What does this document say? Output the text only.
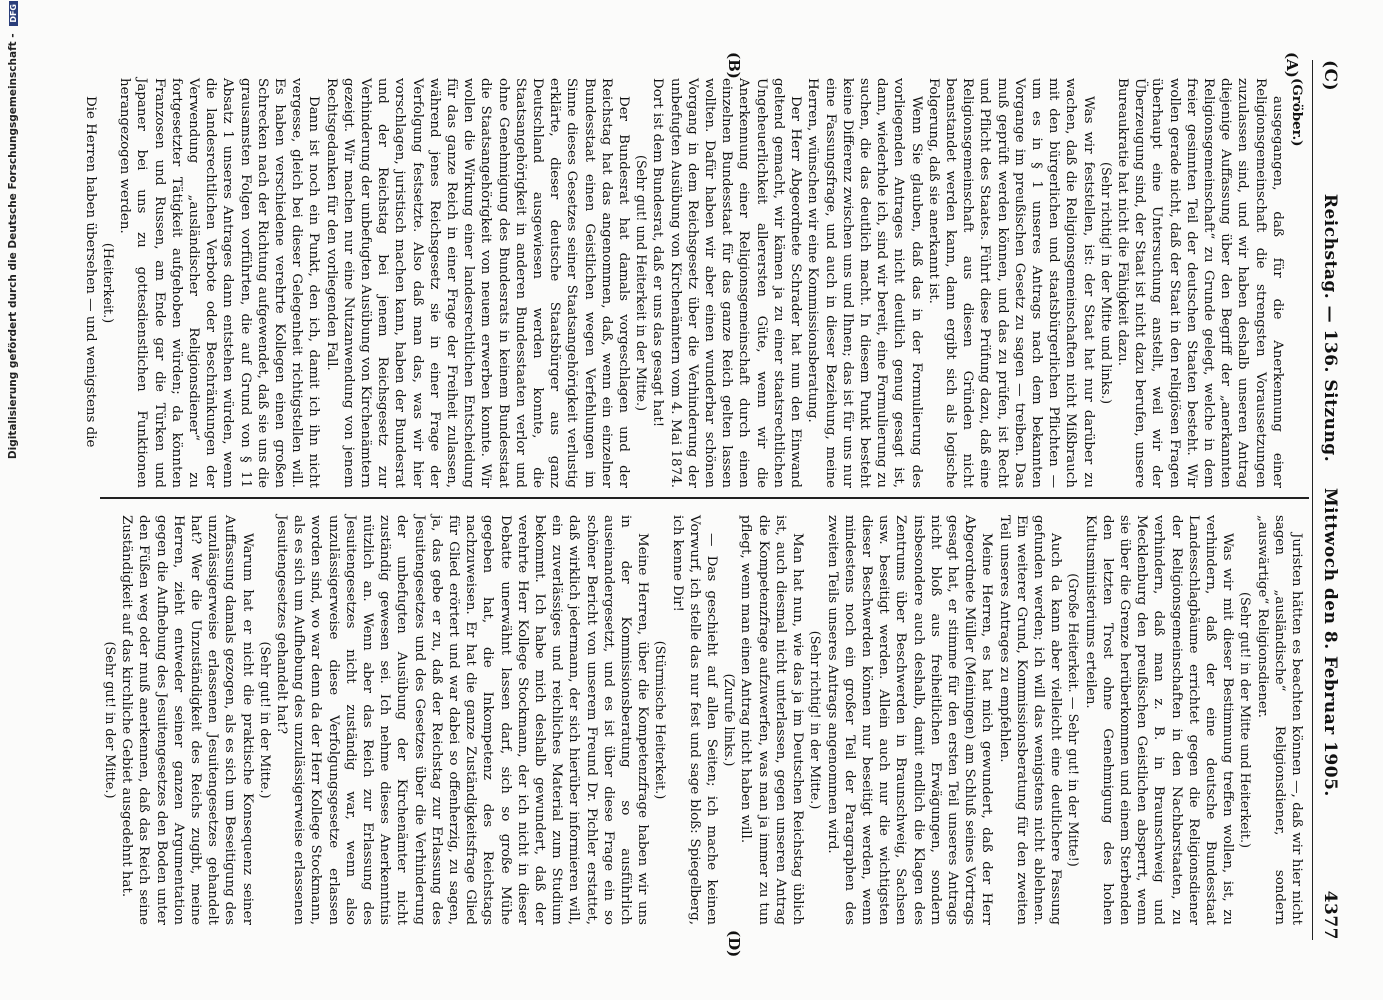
(C)
Reichstag. — 136. Sitzung.    Mittwoch den 8. Februar 1905.
4377
(A)
(B)
(D)

(Gröber.)

ausgegangen, daß für die Anerkennung einer Religionsgemeinschaft die strengsten Voraussetzungen zuzulassen sind, und wir haben deshalb unseren Antrag diejenige Auffassung über den Begriff der „anerkannten Religionsgemeinschaft“ zu Grunde gelegt, welche in dem freier gesinnten Teil der deutschen Staaten besteht. Wir wollen gerade nicht, daß der Staat in den religiösen Fragen überhaupt eine Untersuchung anstellt, weil wir der Überzeugung sind, der Staat ist nicht dazu berufen, unsere Bureaukratie hat nicht die Fähigkeit dazu.

(Sehr richtig! in der Mitte und links.)

Was wir feststellen, ist: der Staat hat nur darüber zu wachen, daß die Religionsgemeinschaften nicht Mißbrauch mit den bürgerlichen und staatsbürgerlichen Pflichten — um es in § 1 unseres Antrags nach dem bekannten Vorgange im preußischen Gesetz zu sagen — treiben. Das muß geprüft werden können, und das zu prüfen, ist Recht und Pflicht des Staates. Führt diese Prüfung dazu, daß eine Religionsgemeinschaft aus diesen Gründen nicht beanstandet werden kann, dann ergibt sich als logische Folgerung, daß sie anerkannt ist.

Wenn Sie glauben, daß das in der Formulierung des vorliegenden Antrages nicht deutlich genug gesagt ist, dann, wiederhole ich, sind wir bereit, eine Formulierung zu suchen, die das deutlich macht. In diesem Punkt besteht keine Differenz zwischen uns und Ihnen; das ist für uns nur eine Fassungsfrage, und auch in dieser Beziehung, meine Herren, wünschen wir eine Kommissionsberatung.

Der Herr Abgeordnete Schrader hat nun den Einwand geltend gemacht, wir kämen ja zu einer staatsrechtlichen Ungeheuerlichkeit allerersten Güte, wenn wir die Anerkennung einer Religionsgemeinschaft durch einen einzelnen Bundesstaat für das ganze Reich gelten lassen wollten. Dafür haben wir aber einen wunderbar schönen Vorgang in dem Reichsgesetz über die Verhinderung der unbefugten Ausübung von Kirchenämtern vom 4. Mai 1874. Dort ist dem Bundesrat, daß er uns das gesagt hat!

(Sehr gut! und Heiterkeit in der Mitte.)

Der Bundesrat hat damals vorgeschlagen und der Reichstag hat das angenommen, daß, wenn ein einzelner Bundesstaat einen Geistlichen wegen Verfehlungen im Sinne dieses Gesetzes seiner Staatsangehörigkeit verlustig erklärte, dieser deutsche Staatsbürger aus ganz Deutschland ausgewiesen werden konnte, die Staatsangehörigkeit in anderen Bundesstaaten verlor und ohne Genehmigung des Bundesrats in keinem Bundesstaat die Staatsangehörigkeit von neuem erwerben konnte. Wir wollen die Wirkung einer landesrechtlichen Entscheidung für das ganze Reich in einer Frage der Freiheit zulassen, während jenes Reichsgesetz sie in einer Frage der Verfolgung festsetzte. Also daß man das, was wir hier vorschlagen, juristisch machen kann, haben der Bundesrat und der Reichstag bei jenem Reichsgesetz zur Verhinderung der unbefugten Ausübung von Kirchenämtern gezeigt. Wir machen nur eine Nutzanwendung von jenem Rechtsgedanken für den vorliegenden Fall.

Dann ist noch ein Punkt, den ich, damit ich ihn nicht vergesse, gleich bei dieser Gelegenheit richtigstellen will. Es haben verschiedene verehrte Kollegen einen großen Schrecken nach der Richtung aufgewendet, daß sie uns die grausamsten Folgen vorführten, die auf Grund von § 11 Absatz 1 unseres Antrages dann entstehen würden, wenn die landesrechtlichen Verbote oder Beschränkungen der Verwendung „ausländischer Religionsdiener“ zu fortgesetzter Tätigkeit aufgehoben würden; da könnten Franzosen und Russen, am Ende gar die Türken und Japaner bei uns zu gottesdienstlichen Funktionen herangezogen werden.

(Heiterkeit.)

Die Herren haben übersehen — und wenigstens die

Juristen hätten es beachten können —, daß wir hier nicht sagen „ausländische“ Religionsdiener, sondern „auswärtige“ Religionsdiener.

(Sehr gut! in der Mitte und Heiterkeit.)

Was wir mit dieser Bestimmung treffen wollen, ist, zu verhindern, daß der eine deutsche Bundesstaat Landesschlagbäume errichtet gegen die Religionsdiener der Religionsgemeinschaften in den Nachbarstaaten, zu verhindern, daß man z. B. in Braunschweig und Mecklenburg den preußischen Geistlichen absperrt, wenn sie über die Grenze herüberkommen und einem Sterbenden den letzten Trost ohne Genehmigung des hohen Kultusministeriums erteilen.

(Große Heiterkeit. — Sehr gut! in der Mitte!)

Auch da kann aber vielleicht eine deutlichere Fassung gefunden werden; ich will das wenigstens nicht ablehnen. Ein weiterer Grund, Kommissionsberatung für den zweiten Teil unseres Antrages zu empfehlen.

Meine Herren, es hat mich gewundert, daß der Herr Abgeordnete Müller (Meiningen) am Schluß seines Vortrags gesagt hat, er stimme für den ersten Teil unseres Antrags nicht bloß aus freiheitlichen Erwägungen, sondern insbesondere auch deshalb, damit endlich die Klagen des Zentrums über Beschwerden in Braunschweig, Sachsen usw. beseitigt werden. Allein auch nur die wichtigsten dieser Beschwerden können nur beseitigt werden, wenn mindestens noch ein großer Teil der Paragraphen des zweiten Teils unseres Antrags angenommen wird.

(Sehr richtig! in der Mitte.)

Man hat nun, wie das ja im Deutschen Reichstag üblich ist, auch diesmal nicht unterlassen, gegen unseren Antrag die Kompetenzfrage aufzuwerfen, was man ja immer zu tun pflegt, wenn man einen Antrag nicht haben will.

(Zurufe links.)

— Das geschieht auf allen Seiten; ich mache keinen Vorwurf, ich stelle das nur fest und sage bloß: Spiegelberg, ich kenne Dir!

(Stürmische Heiterkeit.)

Meine Herren, über die Kompetenzfrage haben wir uns in der Kommissionsberatung so ausführlich auseinandergesetzt, und es ist über diese Frage ein so schöner Bericht von unserem Freund Dr. Pichler erstattet, daß wirklich jedermann, der sich hierüber informieren will, ein zuverlässiges und reichliches Material zum Studium bekommt. Ich habe mich deshalb gewundert, daß der verehrte Herr Kollege Stockmann, der ich nicht in dieser Debatte unerwähnt lassen darf, sich so große Mühe gegeben hat, die Inkompetenz des Reichstags nachzuweisen. Er hat die ganze Zuständigkeitsfrage Glied für Glied erörtert und war dabei so offenherzig, zu sagen, ja, das gebe er zu, daß der Reichstag zur Erlassung des Jesuitengesetzes und des Gesetzes über die Verhinderung der unbefugten Ausübung der Kirchenämter nicht zuständig gewesen sei. Ich nehme dieses Anerkenntnis nützlich an. Wenn aber das Reich zur Erlassung des Jesuitengesetzes nicht zuständig war, wenn also unzulässigerweise diese Verfolgungsgesetze erlassen worden sind, wo war denn da der Herr Kollege Stockmann, als es sich um Aufhebung des unzulässigerweise erlassenen Jesuitengesetzes gehandelt hat?

(Sehr gut! in der Mitte.)

Warum hat er nicht die praktische Konsequenz seiner Auffassung damals gezogen, als es sich um Beseitigung des unzulässigerweise erlassenen Jesuitengesetzes gehandelt hat? Wer die Unzuständigkeit des Reichs zugibt, meine Herren, zieht entweder seiner ganzen Argumentation gegen die Aufhebung des Jesuitengesetzes den Boden unter den Füßen weg oder muß anerkennen, daß das Reich seine Zuständigkeit auf das kirchliche Gebiet ausgedehnt hat.

(Sehr gut! in der Mitte.)

Digitalisierung gefördert durch die Deutsche Forschungsgemeinschaft - DFG
